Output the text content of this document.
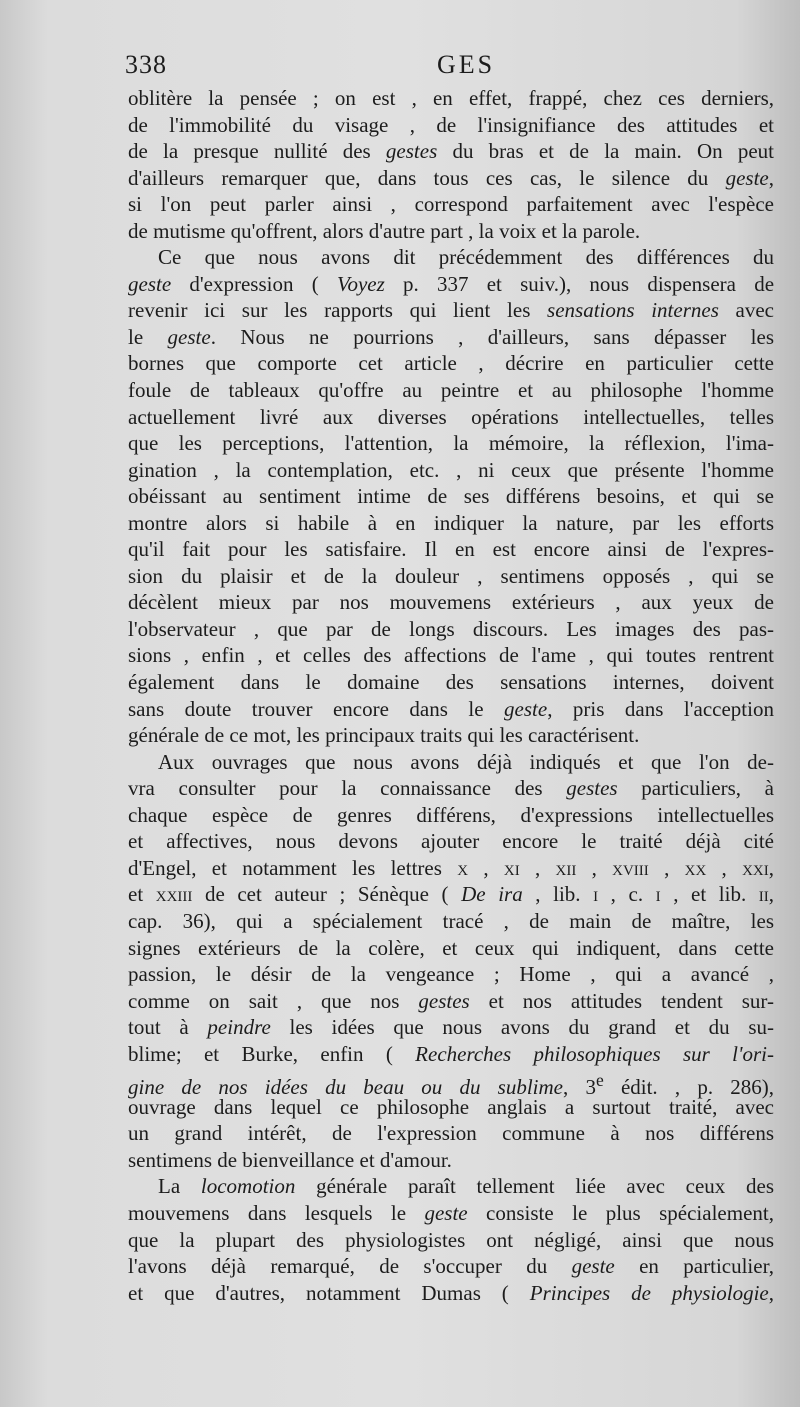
338	GES
oblitère la pensée ; on est , en effet, frappé, chez ces derniers,
de l'immobilité du visage , de l'insignifiance des attitudes et
de la presque nullité des gestes du bras et de la main. On peut
d'ailleurs remarquer que, dans tous ces cas, le silence du geste,
si l'on peut parler ainsi , correspond parfaitement avec l'espèce
de mutisme qu'offrent, alors d'autre part , la voix et la parole.
Ce que nous avons dit précédemment des différences du
geste d'expression ( Voyez p. 337 et suiv.), nous dispensera de
revenir ici sur les rapports qui lient les sensations internes avec
le geste. Nous ne pourrions , d'ailleurs, sans dépasser les
bornes que comporte cet article , décrire en particulier cette
foule de tableaux qu'offre au peintre et au philosophe l'homme
actuellement livré aux diverses opérations intellectuelles, telles
que les perceptions, l'attention, la mémoire, la réflexion, l'ima-
gination , la contemplation, etc. , ni ceux que présente l'homme
obéissant au sentiment intime de ses différens besoins, et qui se
montre alors si habile à en indiquer la nature, par les efforts
qu'il fait pour les satisfaire. Il en est encore ainsi de l'expres-
sion du plaisir et de la douleur , sentimens opposés , qui se
décèlent mieux par nos mouvemens extérieurs , aux yeux de
l'observateur , que par de longs discours. Les images des pas-
sions , enfin , et celles des affections de l'ame , qui toutes rentrent
également dans le domaine des sensations internes, doivent
sans doute trouver encore dans le geste, pris dans l'acception
générale de ce mot, les principaux traits qui les caractérisent.
Aux ouvrages que nous avons déjà indiqués et que l'on de-
vra consulter pour la connaissance des gestes particuliers, à
chaque espèce de genres différens, d'expressions intellectuelles
et affectives, nous devons ajouter encore le traité déjà cité
d'Engel, et notamment les lettres x , xi , xii , xviii , xx , xxi,
et xxiii de cet auteur ; Sénèque ( De ira , lib. i , c. i , et lib. ii,
cap. 36), qui a spécialement tracé , de main de maître, les
signes extérieurs de la colère, et ceux qui indiquent, dans cette
passion, le désir de la vengeance ; Home , qui a avancé ,
comme on sait , que nos gestes et nos attitudes tendent sur-
tout à peindre les idées que nous avons du grand et du su-
blime; et Burke, enfin ( Recherches philosophiques sur l'ori-
gine de nos idées du beau ou du sublime, 3e édit. , p. 286),
ouvrage dans lequel ce philosophe anglais a surtout traité, avec
un grand intérêt, de l'expression commune à nos différens
sentimens de bienveillance et d'amour.
La locomotion générale paraît tellement liée avec ceux des
mouvemens dans lesquels le geste consiste le plus spécialement,
que la plupart des physiologistes ont négligé, ainsi que nous
l'avons déjà remarqué, de s'occuper du geste en particulier,
et que d'autres, notamment Dumas ( Principes de physiologie,
